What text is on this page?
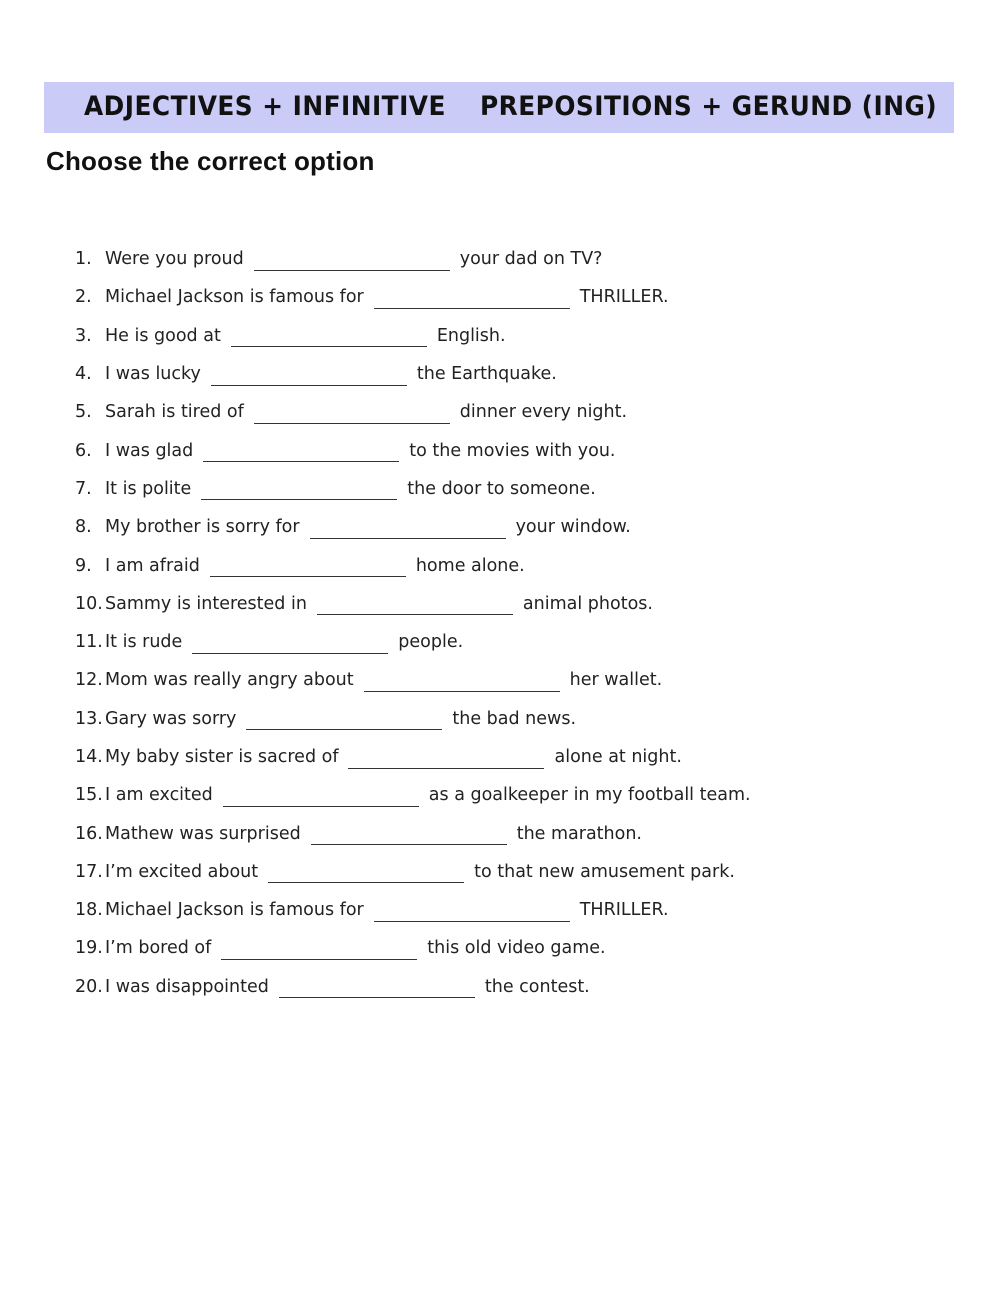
ADJECTIVES + INFINITIVE PREPOSITIONS + GERUND (ING)
Choose the correct option
1. Were you proud	your dad on TV?
2. Michael Jackson is famous for	THRILLER.
3. He is good at	English.
4. I was lucky	the Earthquake.
5. Sarah is tired of	dinner every night.
6. I was glad	to the movies with you.
7. It is polite	the door to someone.
8. My brother is sorry for	your window.
9. I am afraid	home alone.
10. Sammy is interested in	animal photos.
11. It is rude	people.
12. Mom was really angry about	her wallet.
13. Gary was sorry	the bad news.
14. My baby sister is sacred of	alone at night.
15. I am excited	as a goalkeeper in my football team.
16. Mathew was surprised	the marathon.
17. I’m excited about	to that new amusement park.
18. Michael Jackson is famous for	THRILLER.
19. I’m bored of	this old video game.
20. I was disappointed	the contest.
